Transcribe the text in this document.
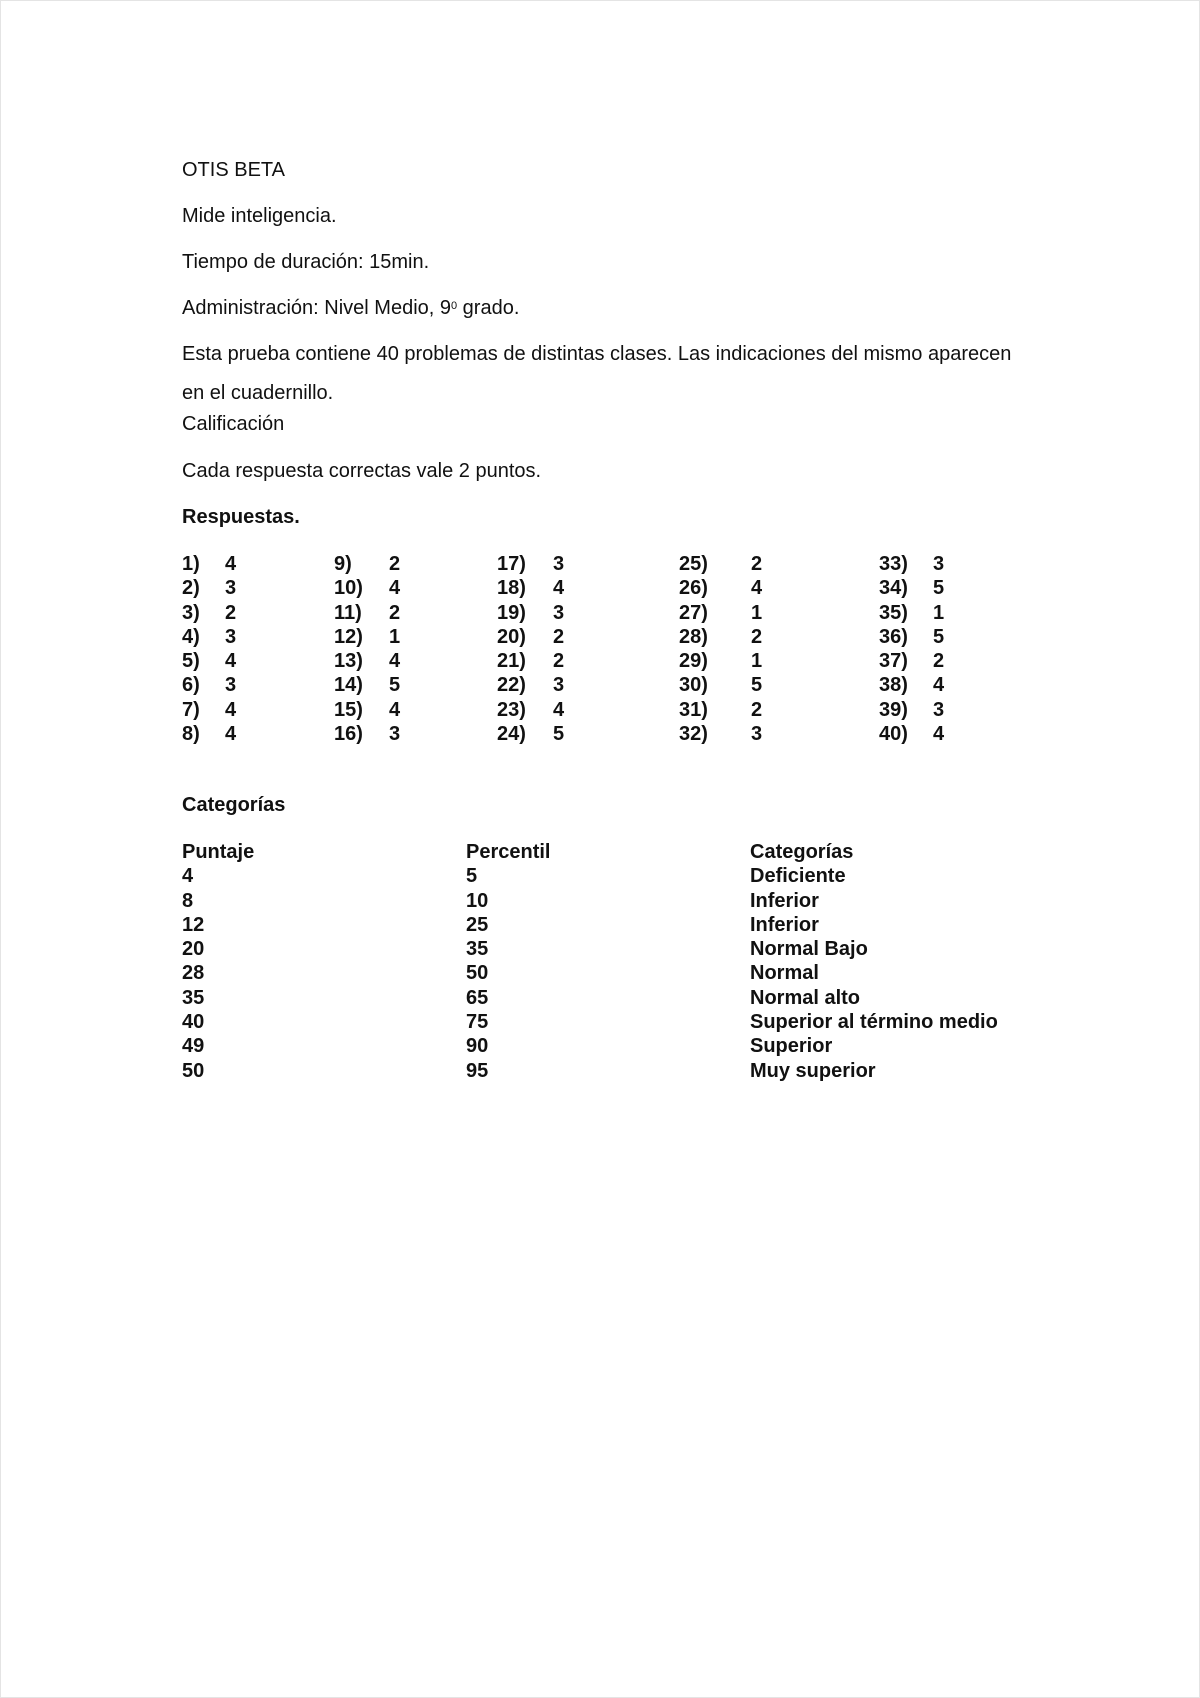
OTIS BETA
Mide inteligencia.
Tiempo de duración: 15min.
Administración: Nivel Medio, $9^0$ grado.
Esta prueba contiene 40 problemas de distintas clases. Las indicaciones del mismo aparecen
en el cuadernillo.
Calificación
Cada respuesta correctas vale 2 puntos.
Respuestas.
1) 4
2) 3
3) 2
4) 3
5) 4
6) 3
7) 4
8) 4
9) 2
10) 4
11) 2
12) 1
13) 4
14) 5
15) 4
16) 3
17) 3
18) 4
19) 3
20) 2
21) 2
22) 3
23) 4
24) 5
25) 2
26) 4
27) 1
28) 2
29) 1
30) 5
31) 2
32) 3
33) 3
34) 5
35) 1
36) 5
37) 2
38) 4
39) 3
40) 4
Categorías
Puntaje
4
8
12
20
28
35
40
49
50
Percentil
5
10
25
35
50
65
75
90
95
Categorías
Deficiente
Inferior
Inferior
Normal Bajo
Normal
Normal alto
Superior al término medio
Superior
Muy superior
